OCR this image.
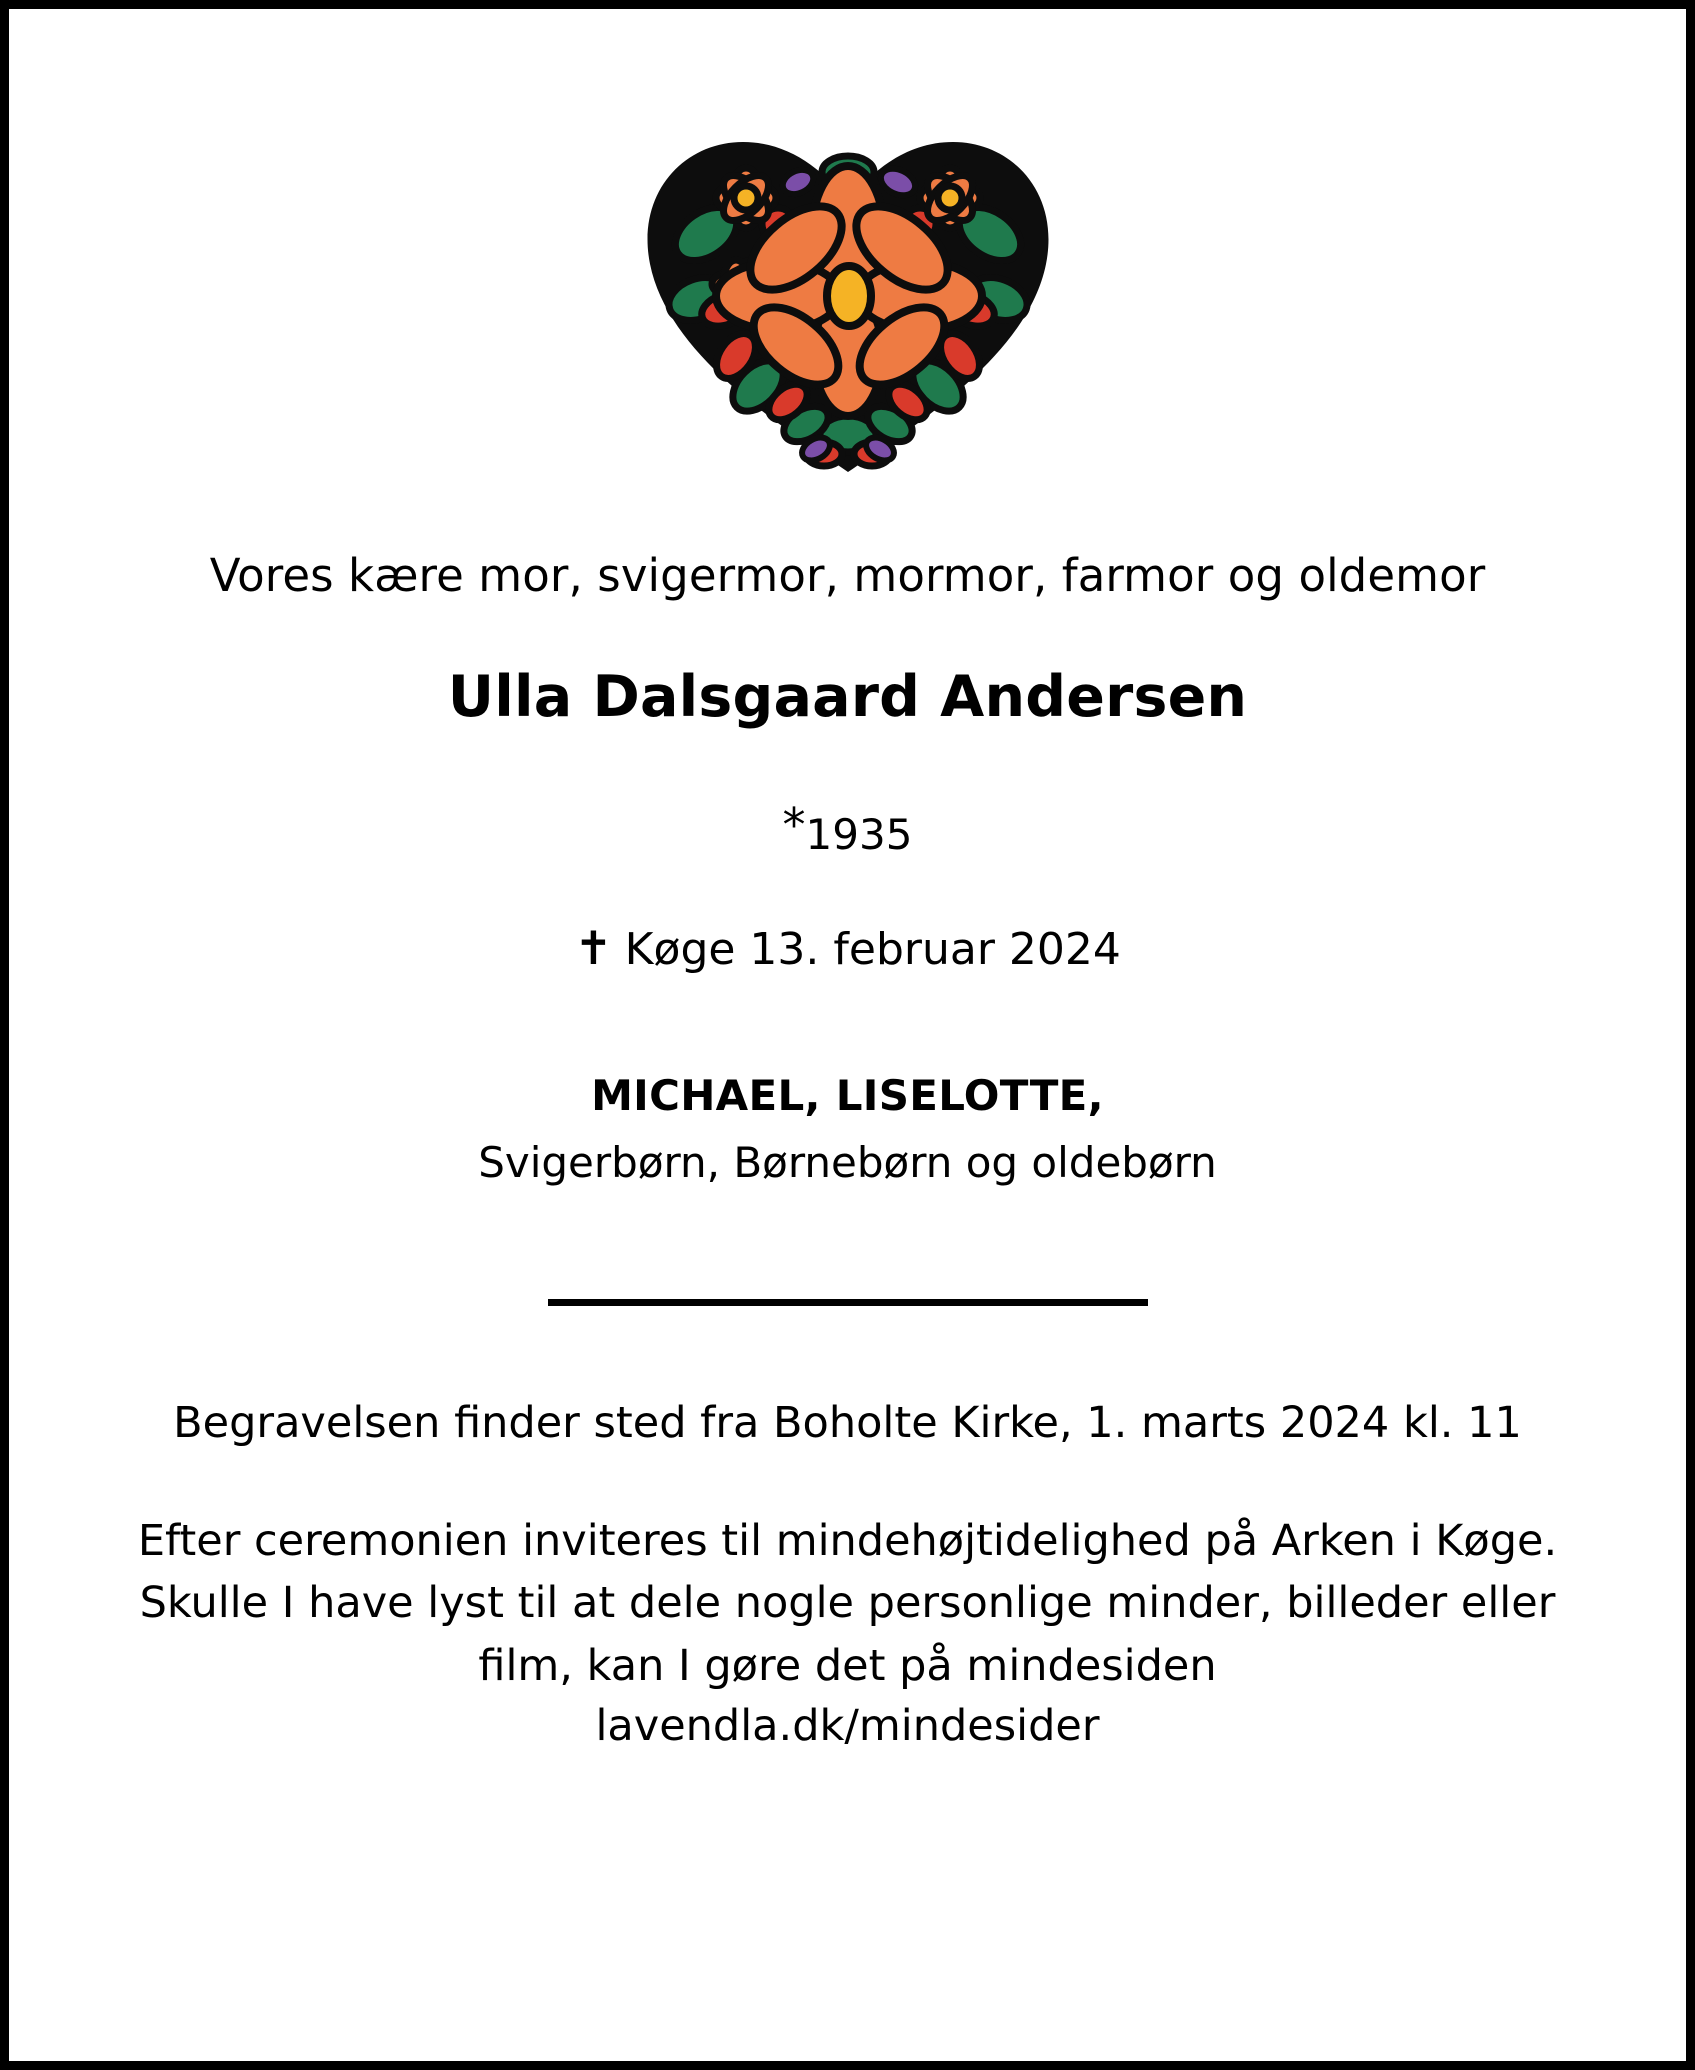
Vores kære mor, svigermor, mormor, farmor og oldemor
Ulla Dalsgaard Andersen
*1935
✝ Køge 13. februar 2024
MICHAEL, LISELOTTE,
Svigerbørn, Børnebørn og oldebørn
Begravelsen finder sted fra Boholte Kirke, 1. marts 2024 kl. 11
Efter ceremonien inviteres til mindehøjtidelighed på Arken i Køge. Skulle I have lyst til at dele nogle personlige minder, billeder eller film, kan I gøre det på mindesiden
lavendla.dk/mindesider
